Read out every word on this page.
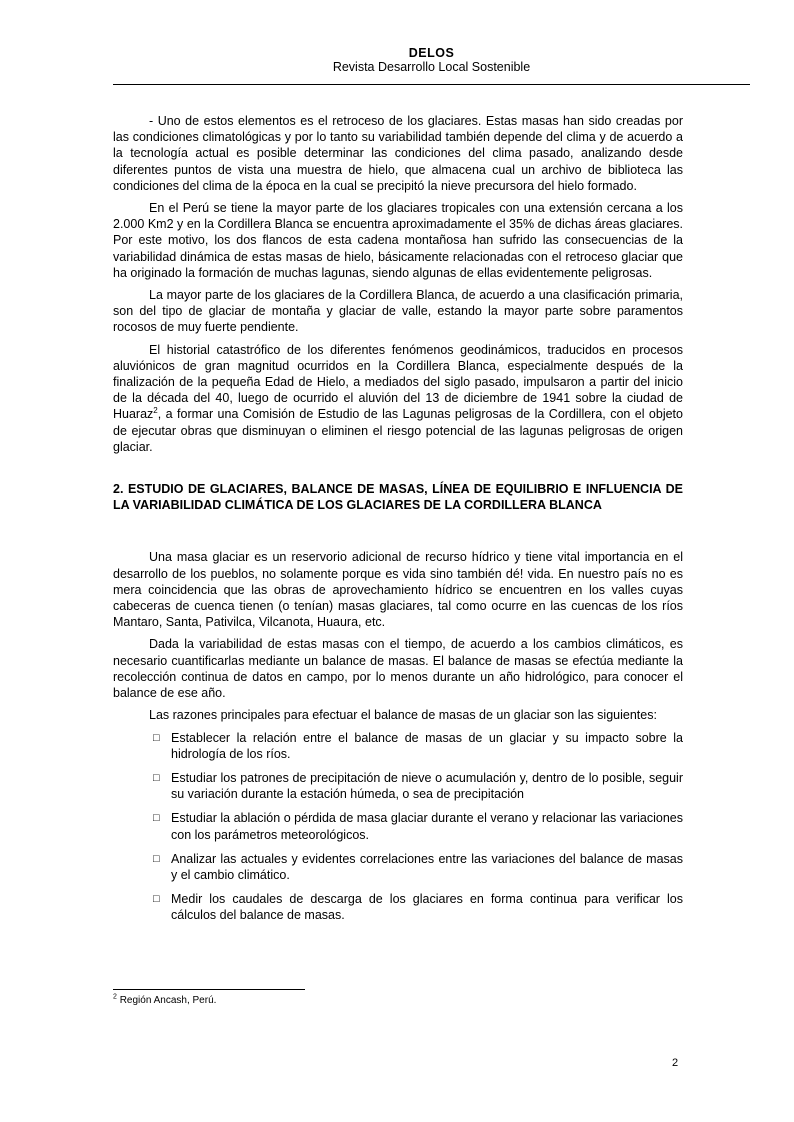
DELOS
Revista Desarrollo Local Sostenible

- Uno de estos elementos es el retroceso de los glaciares. Estas masas han sido creadas por las condiciones climatológicas y por lo tanto su variabilidad también depende del clima y de acuerdo a la tecnología actual es posible determinar las condiciones del clima pasado, analizando desde diferentes puntos de vista una muestra de hielo, que almacena cual un archivo de biblioteca las condiciones del clima de la época en la cual se precipitó la nieve precursora del hielo formado.

En el Perú se tiene la mayor parte de los glaciares tropicales con una extensión cercana a los 2.000 Km2 y en la Cordillera Blanca se encuentra aproximadamente el 35% de dichas áreas glaciares. Por este motivo, los dos flancos de esta cadena montañosa han sufrido las consecuencias de la variabilidad dinámica de estas masas de hielo, básicamente relacionadas con el retroceso glaciar que ha originado la formación de muchas lagunas, siendo algunas de ellas evidentemente peligrosas.

La mayor parte de los glaciares de la Cordillera Blanca, de acuerdo a una clasificación primaria, son del tipo de glaciar de montaña y glaciar de valle, estando la mayor parte sobre paramentos rocosos de muy fuerte pendiente.

El historial catastrófico de los diferentes fenómenos geodinámicos, traducidos en procesos aluviónicos de gran magnitud ocurridos en la Cordillera Blanca, especialmente después de la finalización de la pequeña Edad de Hielo, a mediados del siglo pasado, impulsaron a partir del inicio de la década del 40, luego de ocurrido el aluvión del 13 de diciembre de 1941 sobre la ciudad de Huaraz$^2$, a formar una Comisión de Estudio de las Lagunas peligrosas de la Cordillera, con el objeto de ejecutar obras que disminuyan o eliminen el riesgo potencial de las lagunas peligrosas de origen glaciar.

2. ESTUDIO DE GLACIARES, BALANCE DE MASAS, LÍNEA DE EQUILIBRIO E INFLUENCIA DE LA VARIABILIDAD CLIMÁTICA DE LOS GLACIARES DE LA CORDILLERA BLANCA

Una masa glaciar es un reservorio adicional de recurso hídrico y tiene vital importancia en el desarrollo de los pueblos, no solamente porque es vida sino también dé! vida. En nuestro país no es mera coincidencia que las obras de aprovechamiento hídrico se encuentren en los valles cuyas cabeceras de cuenca tienen (o tenían) masas glaciares, tal como ocurre en las cuencas de los ríos Mantaro, Santa, Pativilca, Vilcanota, Huaura, etc.

Dada la variabilidad de estas masas con el tiempo, de acuerdo a los cambios climáticos, es necesario cuantificarlas mediante un balance de masas. El balance de masas se efectúa mediante la recolección continua de datos en campo, por lo menos durante un año hidrológico, para conocer el balance de ese año.

Las razones principales para efectuar el balance de masas de un glaciar son las siguientes:

□ Establecer la relación entre el balance de masas de un glaciar y su impacto sobre la hidrología de los ríos.
□ Estudiar los patrones de precipitación de nieve o acumulación y, dentro de lo posible, seguir su variación durante la estación húmeda, o sea de precipitación
□ Estudiar la ablación o pérdida de masa glaciar durante el verano y relacionar las variaciones con los parámetros meteorológicos.
□ Analizar las actuales y evidentes correlaciones entre las variaciones del balance de masas y el cambio climático.
□ Medir los caudales de descarga de los glaciares en forma continua para verificar los cálculos del balance de masas.
$^2$ Región Ancash, Perú.
2
